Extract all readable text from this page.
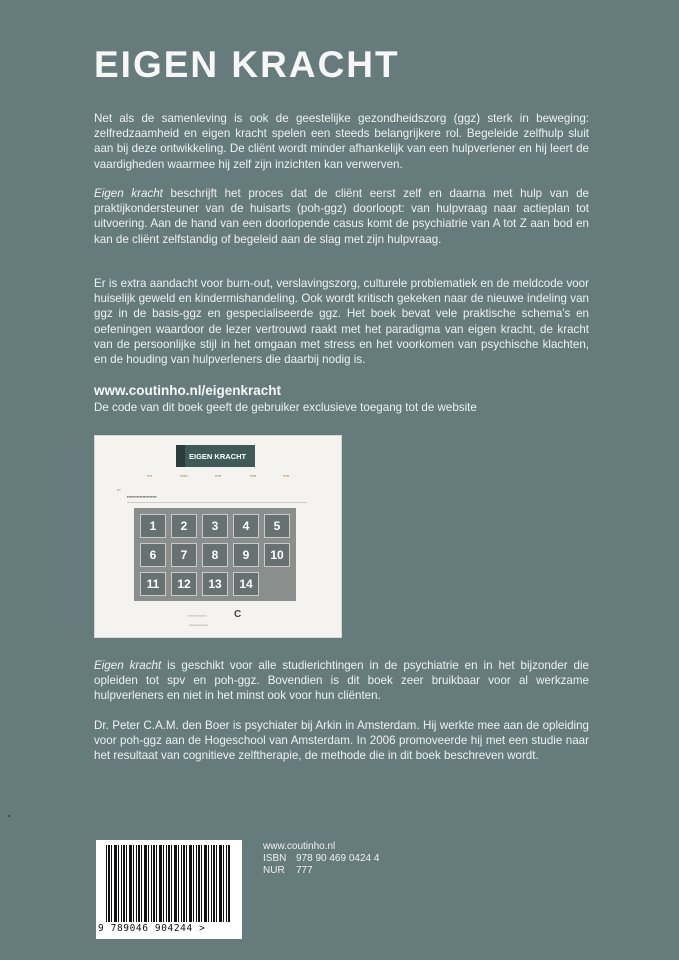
EIGEN KRACHT

Net als de samenleving is ook de geestelijke gezondheidszorg (ggz) sterk in beweging: zelfredzaamheid en eigen kracht spelen een steeds belangrijkere rol. Begeleide zelfhulp sluit aan bij deze ontwikkeling. De cliënt wordt minder afhankelijk van een hulpverlener en hij leert de vaardigheden waarmee hij zelf zijn inzichten kan verwerven.

Eigen kracht beschrijft het proces dat de cliënt eerst zelf en daarna met hulp van de praktijkondersteuner van de huisarts (poh-ggz) doorloopt: van hulpvraag naar actieplan tot uitvoering. Aan de hand van een doorlopende casus komt de psychiatrie van A tot Z aan bod en kan de cliënt zelfstandig of begeleid aan de slag met zijn hulpvraag.

Er is extra aandacht voor burn-out, verslavingszorg, culturele problematiek en de meldcode voor huiselijk geweld en kindermishandeling. Ook wordt kritisch gekeken naar de nieuwe indeling van ggz in de basis-ggz en gespecialiseerde ggz. Het boek bevat vele praktische schema's en oefeningen waardoor de lezer vertrouwd raakt met het paradigma van eigen kracht, de kracht van de persoonlijke stijl in het omgaan met stress en het voorkomen van psychische klachten, en de houding van hulpverleners die daarbij nodig is.

www.coutinho.nl/eigenkracht
De code van dit boek geeft de gebruiker exclusieve toegang tot de website
EIGEN KRACHT
▪▪▪▪	▪▪▪▪▪▪	▪▪▪▪▪	▪▪▪▪▪	▪▪▪▪▪
▪▪▪
▪▪▪▪▪▪▪▪▪▪▪▪▪▪▪▪▪▪▪▪▪
1	2	3	4	5
6	7	8	9	10
11	12	13	14
▪▪▪▪▪▪▪▪▪▪▪	C
▪▪▪▪▪▪▪▪▪▪▪▪▪▪▪▪▪▪

Eigen kracht is geschikt voor alle studierichtingen in de psychiatrie en in het bijzonder die opleiden tot spv en poh-ggz. Bovendien is dit boek zeer bruikbaar voor al werkzame hulpverleners en niet in het minst ook voor hun cliënten.

Dr. Peter C.A.M. den Boer is psychiater bij Arkin in Amsterdam. Hij werkte mee aan de opleiding voor poh-ggz aan de Hogeschool van Amsterdam. In 2006 promoveerde hij met een studie naar het resultaat van cognitieve zelftherapie, de methode die in dit boek beschreven wordt.

9 789046 904244 >
www.coutinho.nl
ISBN 978 90 469 0424 4
NUR 777
